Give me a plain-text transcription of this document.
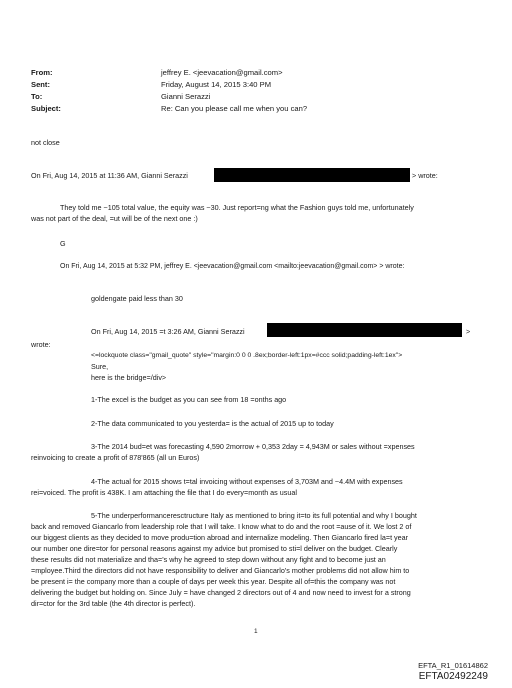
From:	jeffrey E. <jeevacation@gmail.com>
Sent:	Friday, August 14, 2015 3:40 PM
To:	Gianni Serazzi
Subject:	Re: Can you please call me when you can?
not close
On Fri, Aug 14, 2015 at 11:36 AM, Gianni Serazzi	> wrote:
They told me ~105 total value, the equity was ~30. Just report=ng what the Fashion guys told me, unfortunately
was not part of the deal, =ut will be of the next one :)
G
On Fri, Aug 14, 2015 at 5:32 PM, jeffrey E. <jeevacation@gmail.com <mailto:jeevacation@gmail.com> > wrote:
goldengate paid less than 30
On Fri, Aug 14, 2015 =t 3:26 AM, Gianni Serazzi	>
wrote:
<=lockquote class="gmail_quote" style="margin:0 0 0 .8ex;border-left:1px=#ccc solid;padding-left:1ex">
Sure,
here is the bridge=/div>
1-The excel is the budget as you can see from 18 =onths ago
2-The data communicated to you yesterda= is the actual of 2015 up to today
3-The 2014 bud=et was forecasting 4,590 2morrow + 0,353 2day = 4,943M or sales without =xpenses
reinvoicing to create a profit of 878'865 (all un Euros)
4-The actual for 2015 shows t=tal invoicing without expenses of 3,703M and ~4.4M with expenses
rei=voiced. The profit is 438K. I am attaching the file that I do every=month as usual
5-The underperformanceresctructure Italy as mentioned to bring it=to its full potential and why I bought
back and removed Giancarlo from leadership role that I will take. I know what to do and the root =ause of it. We lost 2 of
our biggest clients as they decided to move produ=tion abroad and internalize modeling. Then Giancarlo fired la=t year
our number one dire=tor for personal reasons against my advice but promised to sti=l deliver on the budget. Clearly
these results did not materialize and tha='s why he agreed to step down without any fight and to become just an
=mployee.Third the directors did not have responsibility to deliver and Giancarlo's mother problems did not allow him to
be present i= the company more than a couple of days per week this year. Despite all of=this the company was not
delivering the budget but holding on. Since July = have changed 2 directors out of 4 and now need to invest for a strong
dir=ctor for the 3rd table (the 4th director is perfect).
1
EFTA_R1_01614862
EFTA02492249
